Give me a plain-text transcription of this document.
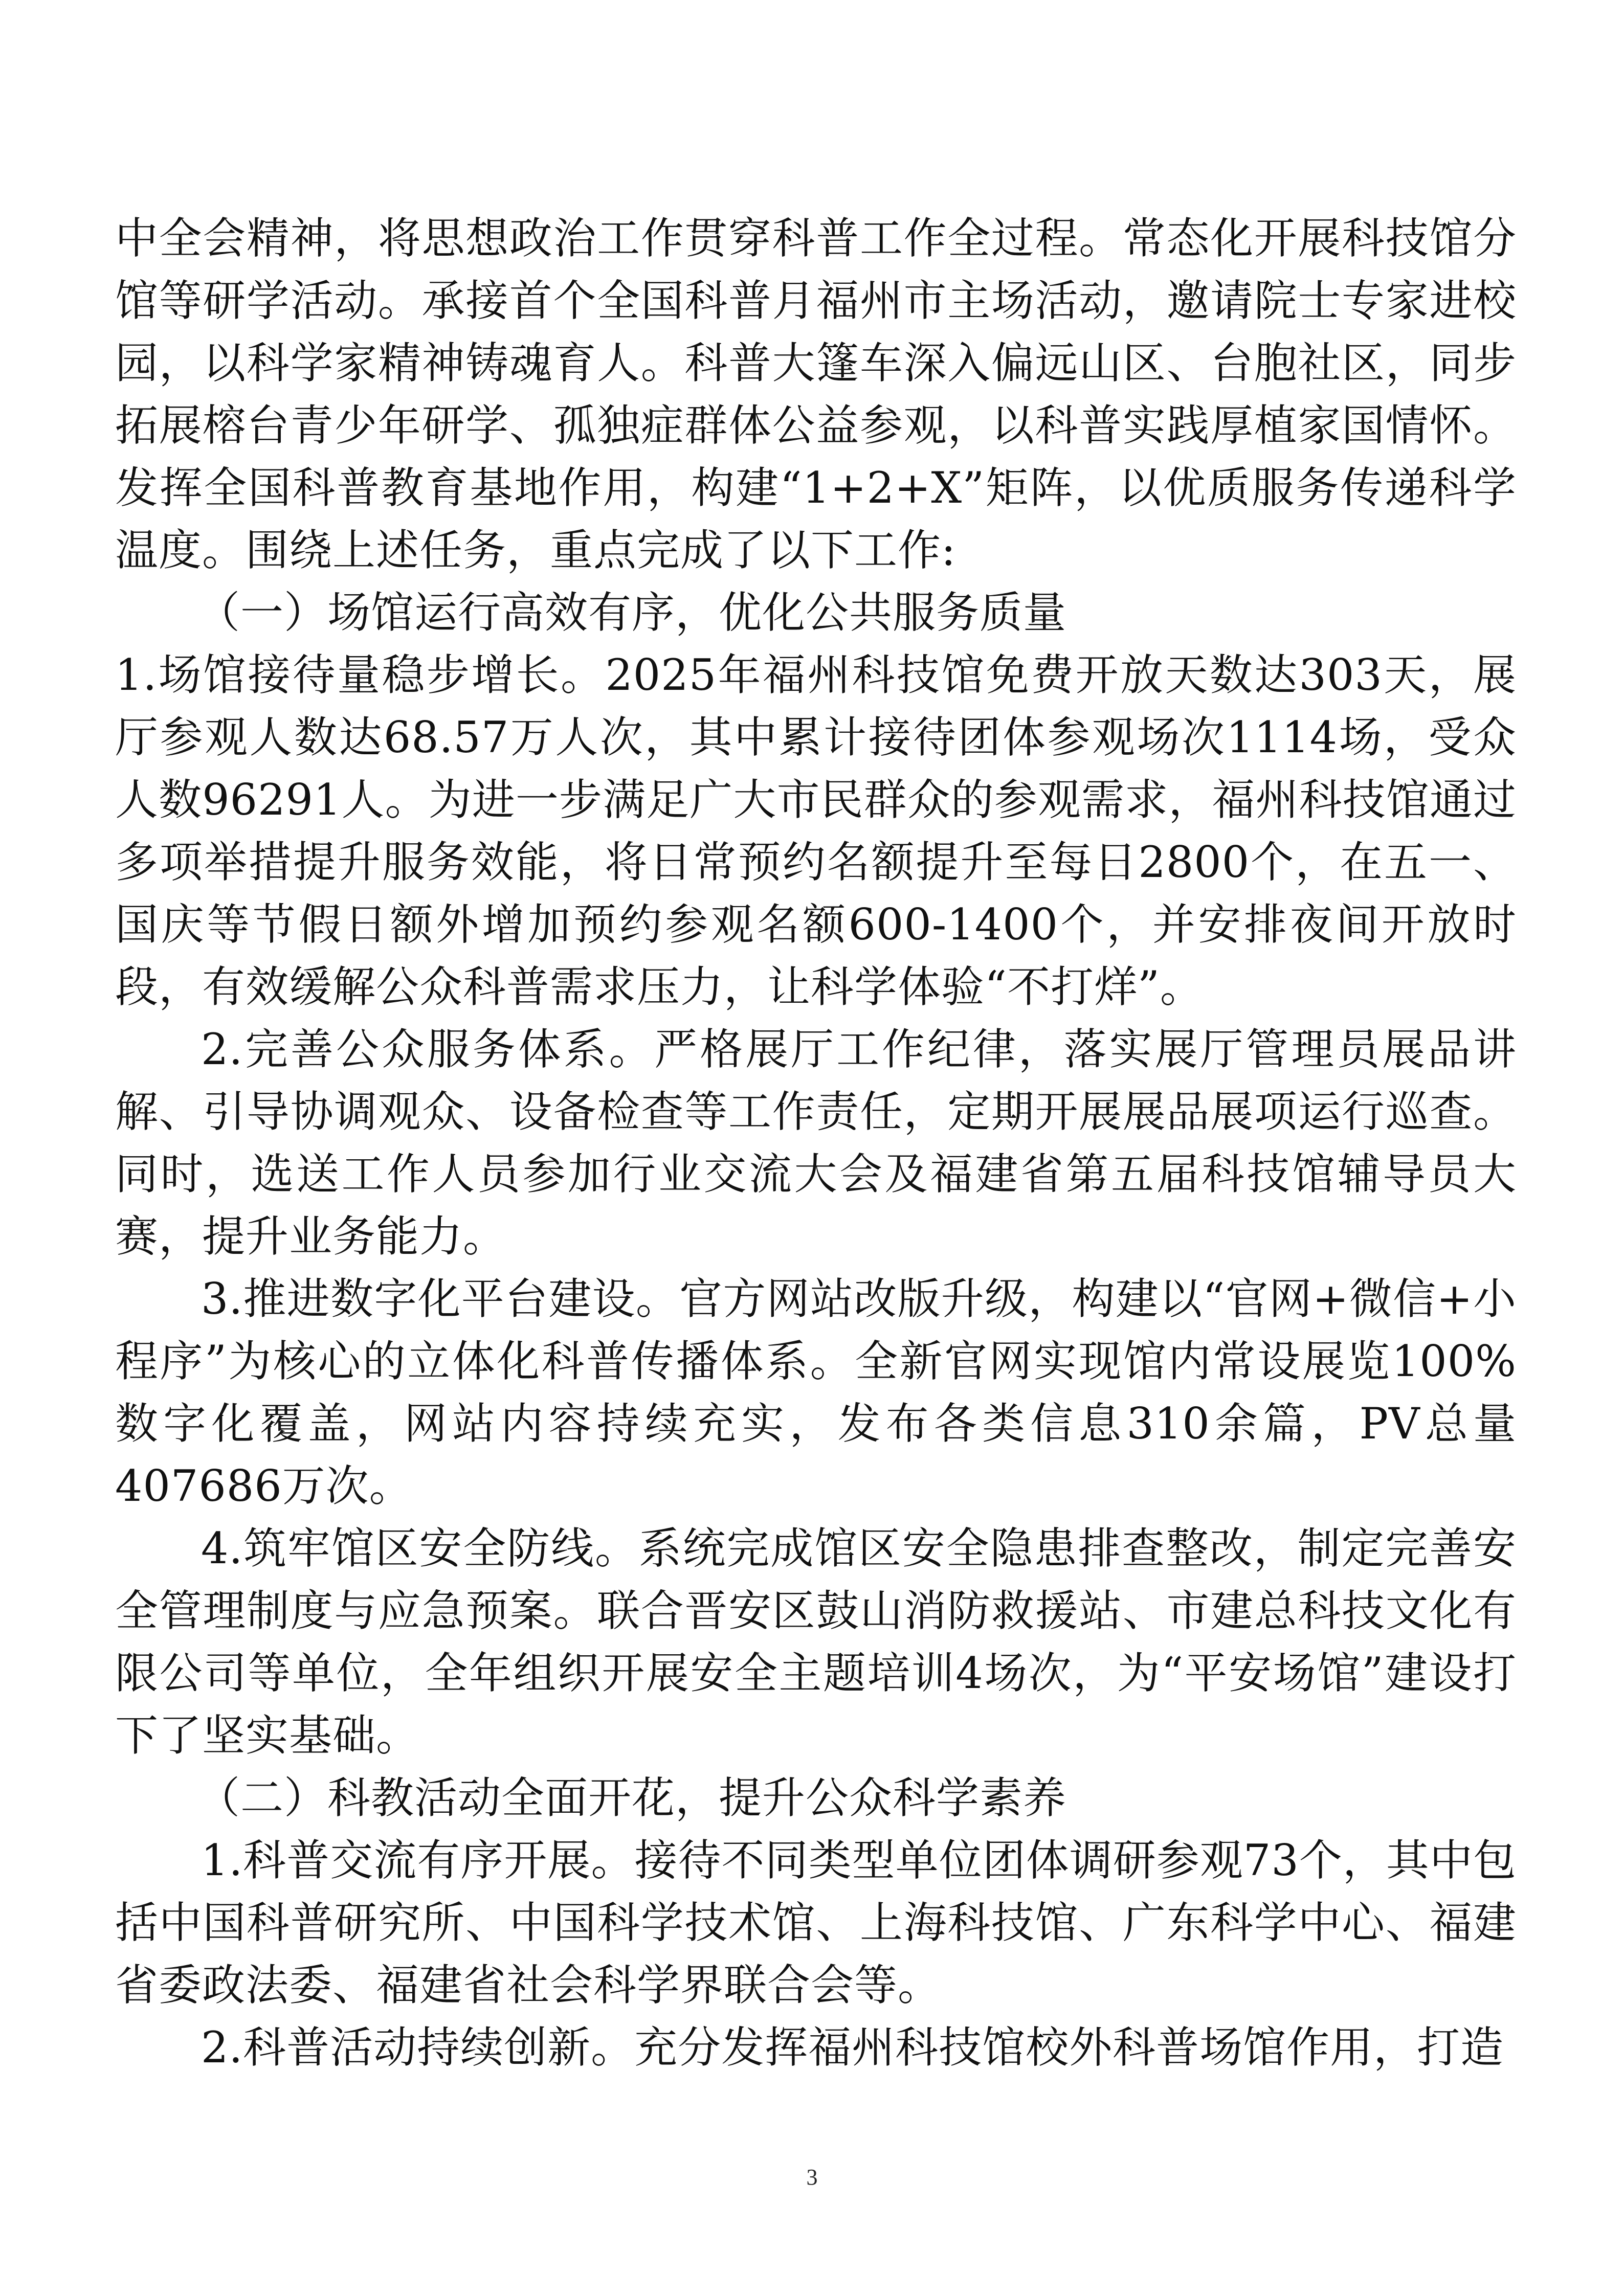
中全会精神，将思想政治工作贯穿科普工作全过程。常态化开展科技馆分馆等研学活动。承接首个全国科普月福州市主场活动，邀请院士专家进校园，以科学家精神铸魂育人。科普大篷车深入偏远山区、台胞社区，同步拓展榕台青少年研学、孤独症群体公益参观，以科普实践厚植家国情怀。发挥全国科普教育基地作用，构建“1+2+X”矩阵，以优质服务传递科学温度。围绕上述任务，重点完成了以下工作:

（一）场馆运行高效有序，优化公共服务质量

1.场馆接待量稳步增长。2025年福州科技馆免费开放天数达303天，展厅参观人数达68.57万人次，其中累计接待团体参观场次1114场，受众人数96291人。为进一步满足广大市民群众的参观需求，福州科技馆通过多项举措提升服务效能，将日常预约名额提升至每日2800个，在五一、国庆等节假日额外增加预约参观名额600-1400个，并安排夜间开放时段，有效缓解公众科普需求压力，让科学体验“不打烊”。

2.完善公众服务体系。严格展厅工作纪律，落实展厅管理员展品讲解、引导协调观众、设备检查等工作责任，定期开展展品展项运行巡查。同时，选送工作人员参加行业交流大会及福建省第五届科技馆辅导员大赛，提升业务能力。

3.推进数字化平台建设。官方网站改版升级，构建以“官网+微信+小程序”为核心的立体化科普传播体系。全新官网实现馆内常设展览100%数字化覆盖，网站内容持续充实，发布各类信息310余篇，PV总量407686万次。

4.筑牢馆区安全防线。系统完成馆区安全隐患排查整改，制定完善安全管理制度与应急预案。联合晋安区鼓山消防救援站、市建总科技文化有限公司等单位，全年组织开展安全主题培训4场次，为“平安场馆”建设打下了坚实基础。

（二）科教活动全面开花，提升公众科学素养

1.科普交流有序开展。接待不同类型单位团体调研参观73个，其中包括中国科普研究所、中国科学技术馆、上海科技馆、广东科学中心、福建省委政法委、福建省社会科学界联合会等。

2.科普活动持续创新。充分发挥福州科技馆校外科普场馆作用，打造

3
